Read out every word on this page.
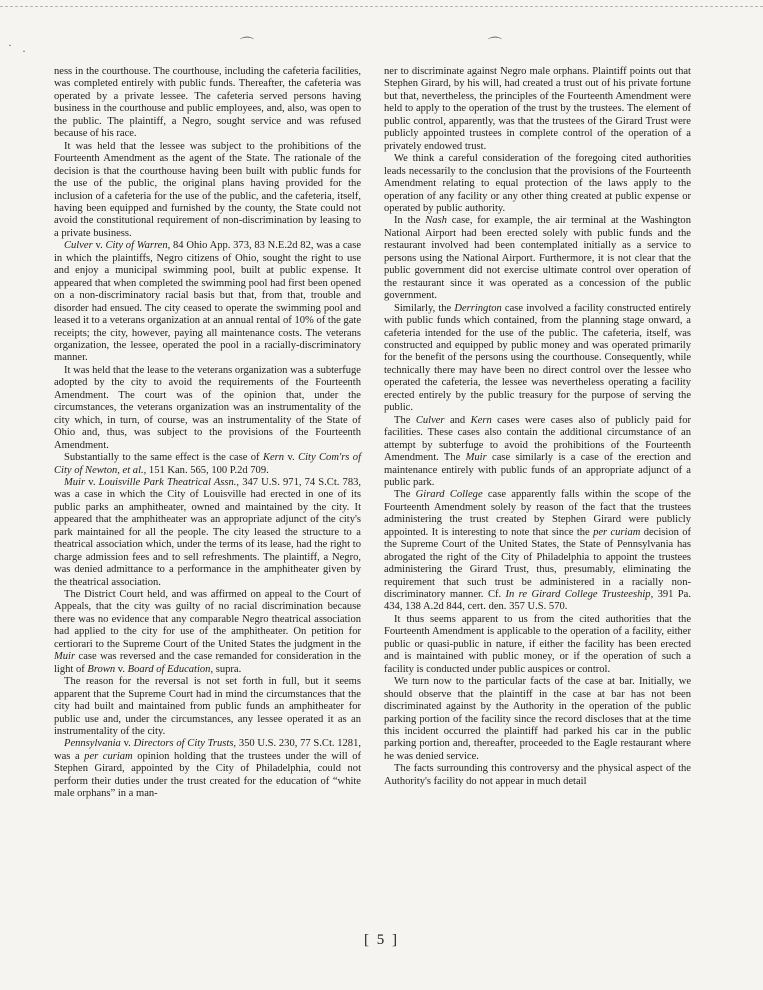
· ·	⌒	⌒

ness in the courthouse. The courthouse, including the cafeteria facilities, was completed entirely with public funds. Thereafter, the cafeteria was operated by a private lessee. The cafeteria served persons having business in the courthouse and public employees, and, also, was open to the public. The plaintiff, a Negro, sought service and was refused because of his race.

It was held that the lessee was subject to the prohibitions of the Fourteenth Amendment as the agent of the State. The rationale of the decision is that the courthouse having been built with public funds for the use of the public, the original plans having provided for the inclusion of a cafeteria for the use of the public, and the cafeteria, itself, having been equipped and furnished by the county, the State could not avoid the constitutional requirement of non-discrimination by leasing to a private business.

Culver v. City of Warren, 84 Ohio App. 373, 83 N.E.2d 82, was a case in which the plaintiffs, Negro citizens of Ohio, sought the right to use and enjoy a municipal swimming pool, built at public expense. It appeared that when completed the swimming pool had first been opened on a non-discriminatory racial basis but that, from that, trouble and disorder had ensued. The city ceased to operate the swimming pool and leased it to a veterans organization at an annual rental of 10% of the gate receipts; the city, however, paying all maintenance costs. The veterans organization, the lessee, operated the pool in a racially-discriminatory manner.

It was held that the lease to the veterans organization was a subterfuge adopted by the city to avoid the requirements of the Fourteenth Amendment. The court was of the opinion that, under the circumstances, the veterans organization was an instrumentality of the city which, in turn, of course, was an instrumentality of the State of Ohio and, thus, was subject to the provisions of the Fourteenth Amendment.

Substantially to the same effect is the case of Kern v. City Com'rs of City of Newton, et al., 151 Kan. 565, 100 P.2d 709.

Muir v. Louisville Park Theatrical Assn., 347 U.S. 971, 74 S.Ct. 783, was a case in which the City of Louisville had erected in one of its public parks an amphitheater, owned and maintained by the city. It appeared that the amphitheater was an appropriate adjunct of the city's park maintained for all the people. The city leased the structure to a theatrical association which, under the terms of its lease, had the right to charge admission fees and to sell refreshments. The plaintiff, a Negro, was denied admittance to a performance in the amphitheater given by the theatrical association.

The District Court held, and was affirmed on appeal to the Court of Appeals, that the city was guilty of no racial discrimination because there was no evidence that any comparable Negro theatrical association had applied to the city for use of the amphitheater. On petition for certiorari to the Supreme Court of the United States the judgment in the Muir case was reversed and the case remanded for consideration in the light of Brown v. Board of Education, supra.

The reason for the reversal is not set forth in full, but it seems apparent that the Supreme Court had in mind the circumstances that the city had built and maintained from public funds an amphitheater for public use and, under the circumstances, any lessee operated it as an instrumentality of the city.

Pennsylvania v. Directors of City Trusts, 350 U.S. 230, 77 S.Ct. 1281, was a per curiam opinion holding that the trustees under the will of Stephen Girard, appointed by the City of Philadelphia, could not perform their duties under the trust created for the education of “white male orphans” in a man-

ner to discriminate against Negro male orphans. Plaintiff points out that Stephen Girard, by his will, had created a trust out of his private fortune but that, nevertheless, the principles of the Fourteenth Amendment were held to apply to the operation of the trust by the trustees. The element of public control, apparently, was that the trustees of the Girard Trust were publicly appointed trustees in complete control of the operation of a privately endowed trust.

We think a careful consideration of the foregoing cited authorities leads necessarily to the conclusion that the provisions of the Fourteenth Amendment relating to equal protection of the laws apply to the operation of any facility or any other thing created at public expense or operated by public authority.

In the Nash case, for example, the air terminal at the Washington National Airport had been erected solely with public funds and the restaurant involved had been contemplated initially as a service to persons using the National Airport. Furthermore, it is not clear that the public government did not exercise ultimate control over operation of the restaurant since it was operated as a concession of the public government.

Similarly, the Derrington case involved a facility constructed entirely with public funds which contained, from the planning stage onward, a cafeteria intended for the use of the public. The cafeteria, itself, was constructed and equipped by public money and was operated primarily for the benefit of the persons using the courthouse. Consequently, while technically there may have been no direct control over the lessee who operated the cafeteria, the lessee was nevertheless operating a facility erected entirely by the public treasury for the purpose of serving the public.

The Culver and Kern cases were cases also of publicly paid for facilities. These cases also contain the additional circumstance of an attempt by subterfuge to avoid the prohibitions of the Fourteenth Amendment. The Muir case similarly is a case of the erection and maintenance entirely with public funds of an appropriate adjunct of a public park.

The Girard College case apparently falls within the scope of the Fourteenth Amendment solely by reason of the fact that the trustees administering the trust created by Stephen Girard were publicly appointed. It is interesting to note that since the per curiam decision of the Supreme Court of the United States, the State of Pennsylvania has abrogated the right of the City of Philadelphia to appoint the trustees administering the Girard Trust, thus, presumably, eliminating the requirement that such trust be administered in a racially non-discriminatory manner. Cf. In re Girard College Trusteeship, 391 Pa. 434, 138 A.2d 844, cert. den. 357 U.S. 570.

It thus seems apparent to us from the cited authorities that the Fourteenth Amendment is applicable to the operation of a facility, either public or quasi-public in nature, if either the facility has been erected and is maintained with public money, or if the operation of such a facility is conducted under public auspices or control.

We turn now to the particular facts of the case at bar. Initially, we should observe that the plaintiff in the case at bar has not been discriminated against by the Authority in the operation of the public parking portion of the facility since the record discloses that at the time this incident occurred the plaintiff had parked his car in the public parking portion and, thereafter, proceeded to the Eagle restaurant where he was denied service.

The facts surrounding this controversy and the physical aspect of the Authority's facility do not appear in much detail

[ 5 ]
